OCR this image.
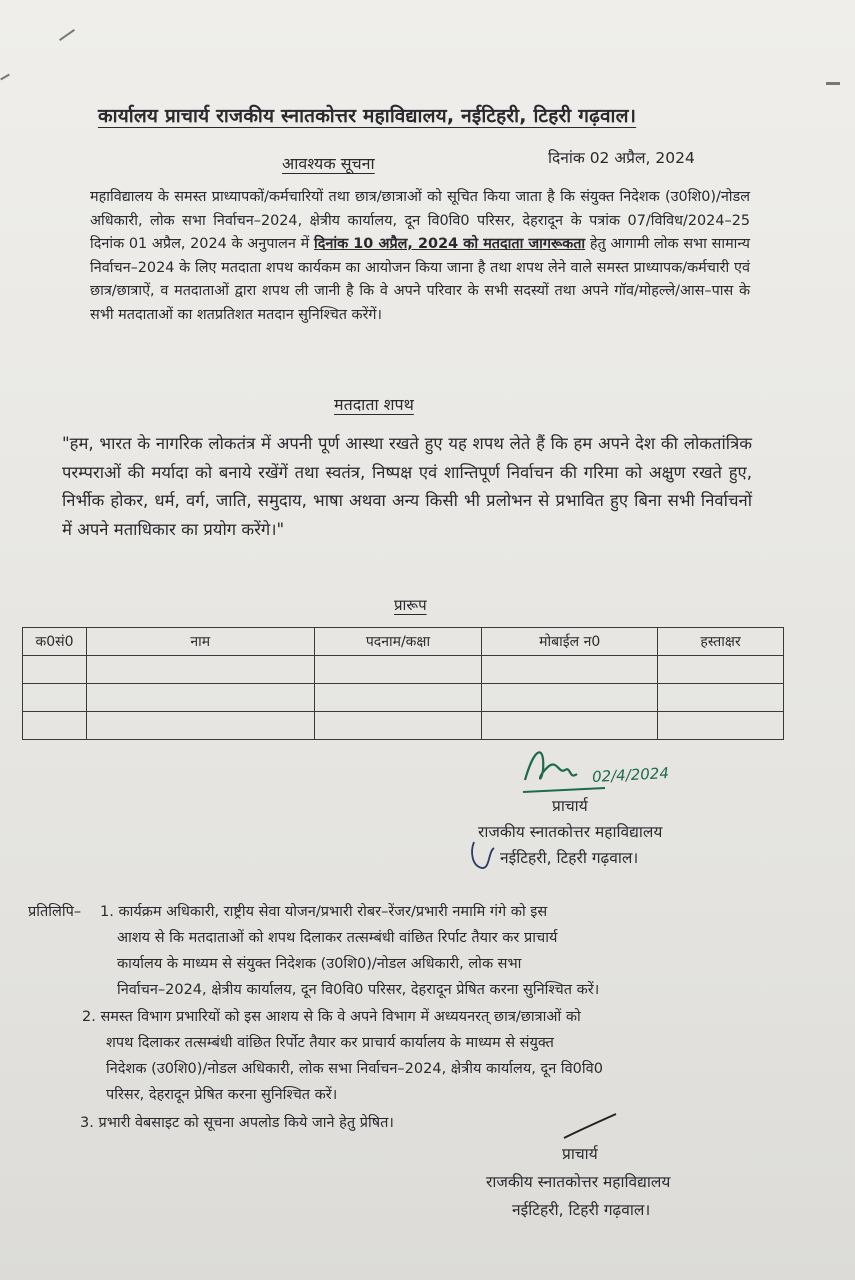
कार्यालय प्राचार्य राजकीय स्नातकोत्तर महाविद्यालय, नईटिहरी, टिहरी गढ़वाल।
आवश्यक सूचना	दिनांक 02 अप्रैल, 2024
महाविद्यालय के समस्त प्राध्यापकों/कर्मचारियों तथा छात्र/छात्राओं को सूचित किया जाता है कि संयुक्त निदेशक (उ0शि0)/नोडल अधिकारी, लोक सभा निर्वाचन–2024, क्षेत्रीय कार्यालय, दून वि0वि0 परिसर, देहरादून के पत्रांक 07/विविध/2024–25 दिनांक 01 अप्रैल, 2024 के अनुपालन में दिनांक 10 अप्रैल, 2024 को मतदाता जागरूकता हेतु आगामी लोक सभा सामान्य निर्वाचन–2024 के लिए मतदाता शपथ कार्यकम का आयोजन किया जाना है तथा शपथ लेने वाले समस्त प्राध्यापक/कर्मचारी एवं छात्र/छात्राऐं, व मतदाताओं द्वारा शपथ ली जानी है कि वे अपने परिवार के सभी सदस्यों तथा अपने गॉव/मोहल्ले/आस–पास के सभी मतदाताओं का शतप्रतिशत मतदान सुनिश्चित करेंगें।
मतदाता शपथ
"हम, भारत के नागरिक लोकतंत्र में अपनी पूर्ण आस्था रखते हुए यह शपथ लेते हैं कि हम अपने देश की लोकतांत्रिक परम्पराओं की मर्यादा को बनाये रखेंगें तथा स्वतंत्र, निष्पक्ष एवं शान्तिपूर्ण निर्वाचन की गरिमा को अक्षुण रखते हुए, निर्भीक होकर, धर्म, वर्ग, जाति, समुदाय, भाषा अथवा अन्य किसी भी प्रलोभन से प्रभावित हुए बिना सभी निर्वाचनों में अपने मताधिकार का प्रयोग करेंगे।"
प्रारूप
क0सं0	नाम	पदनाम/कक्षा	मोबाईल न0	हस्ताक्षर

02/4/2024
प्राचार्य
राजकीय स्नातकोत्तर महाविद्यालय
नईटिहरी, टिहरी गढ़वाल।
प्रतिलिपि– 1. कार्यक्रम अधिकारी, राष्ट्रीय सेवा योजन/प्रभारी रोबर–रेंजर/प्रभारी नमामि गंगे को इस
आशय से कि मतदाताओं को शपथ दिलाकर तत्सम्बंधी वांछित रिर्पाट तैयार कर प्राचार्य
कार्यालय के माध्यम से संयुक्त निदेशक (उ0शि0)/नोडल अधिकारी, लोक सभा
निर्वाचन–2024, क्षेत्रीय कार्यालय, दून वि0वि0 परिसर, देहरादून प्रेषित करना सुनिश्चित करें।
2. समस्त विभाग प्रभारियों को इस आशय से कि वे अपने विभाग में अध्ययनरत् छात्र/छात्राओं को
शपथ दिलाकर तत्सम्बंधी वांछित रिर्पोट तैयार कर प्राचार्य कार्यालय के माध्यम से संयुक्त
निदेशक (उ0शि0)/नोडल अधिकारी, लोक सभा निर्वाचन–2024, क्षेत्रीय कार्यालय, दून वि0वि0
परिसर, देहरादून प्रेषित करना सुनिश्चित करें।
3. प्रभारी वेबसाइट को सूचना अपलोड किये जाने हेतु प्रेषित।
प्राचार्य
राजकीय स्नातकोत्तर महाविद्यालय
नईटिहरी, टिहरी गढ़वाल।
